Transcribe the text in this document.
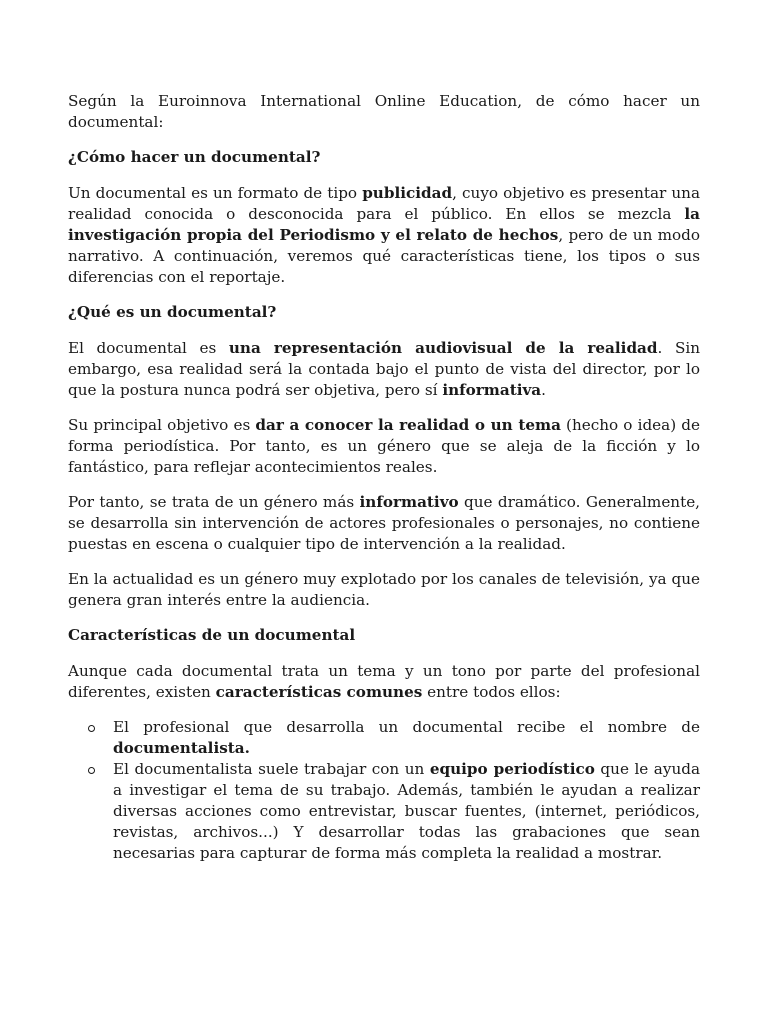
Según la Euroinnova International Online Education, de cómo hacer un documental:

¿Cómo hacer un documental?

Un documental es un formato de tipo publicidad, cuyo objetivo es presentar una realidad conocida o desconocida para el público. En ellos se mezcla la investigación propia del Periodismo y el relato de hechos, pero de un modo narrativo. A continuación, veremos qué características tiene, los tipos o sus diferencias con el reportaje.

¿Qué es un documental?

El documental es una representación audiovisual de la realidad. Sin embargo, esa realidad será la contada bajo el punto de vista del director, por lo que la postura nunca podrá ser objetiva, pero sí informativa.

Su principal objetivo es dar a conocer la realidad o un tema (hecho o idea) de forma periodística. Por tanto, es un género que se aleja de la ficción y lo fantástico, para reflejar acontecimientos reales.

Por tanto, se trata de un género más informativo que dramático. Generalmente, se desarrolla sin intervención de actores profesionales o personajes, no contiene puestas en escena o cualquier tipo de intervención a la realidad.

En la actualidad es un género muy explotado por los canales de televisión, ya que genera gran interés entre la audiencia.

Características de un documental

Aunque cada documental trata un tema y un tono por parte del profesional diferentes, existen características comunes entre todos ellos:

El profesional que desarrolla un documental recibe el nombre de documentalista.
El documentalista suele trabajar con un equipo periodístico que le ayuda a investigar el tema de su trabajo. Además, también le ayudan a realizar diversas acciones como entrevistar, buscar fuentes, (internet, periódicos, revistas, archivos...) Y desarrollar todas las grabaciones que sean necesarias para capturar de forma más completa la realidad a mostrar.
